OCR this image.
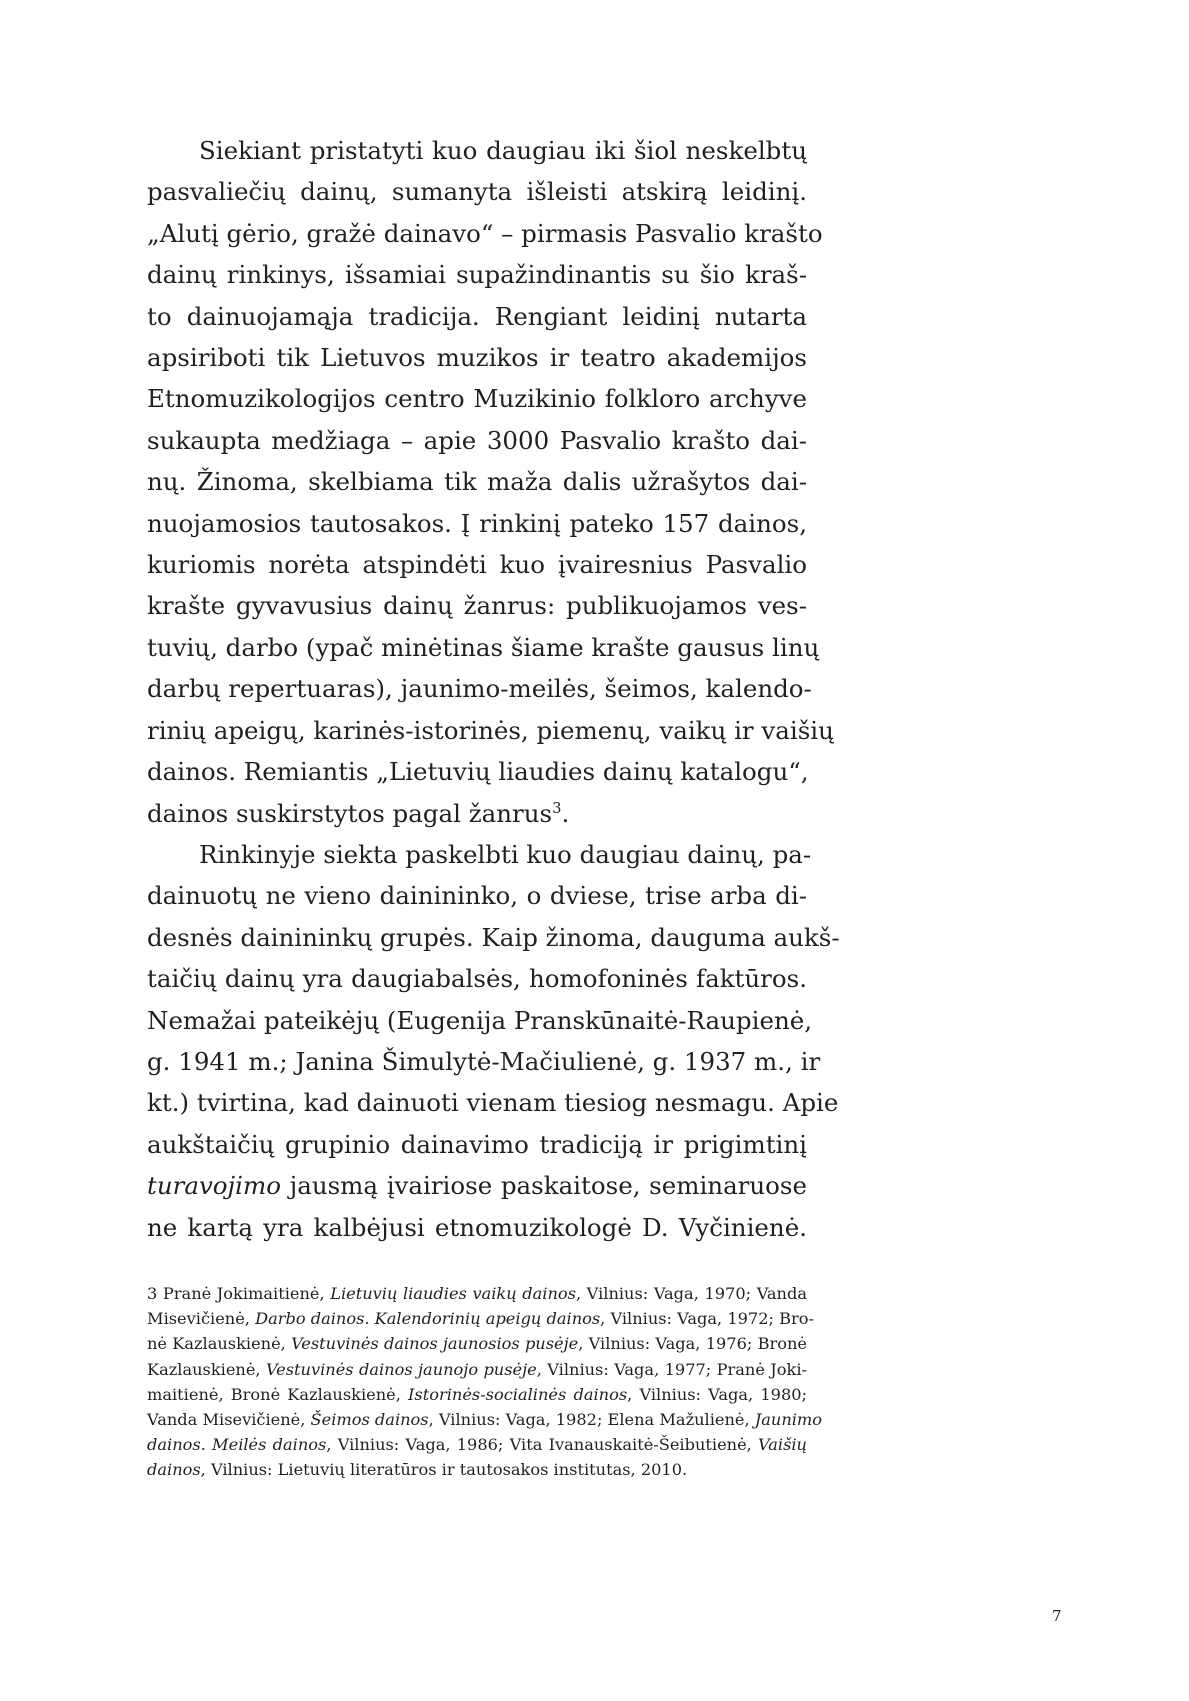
Siekiant pristatyti kuo daugiau iki šiol neskelbtų
pasvaliečių dainų, sumanyta išleisti atskirą leidinį.
„Alutį gėrio, gražė dainavo“ – pirmasis Pasvalio krašto
dainų rinkinys, išsamiai supažindinantis su šio kraš-
to dainuojamąja tradicija. Rengiant leidinį nutarta
apsiriboti tik Lietuvos muzikos ir teatro akademijos
Etnomuzikologijos centro Muzikinio folkloro archyve
sukaupta medžiaga – apie 3000 Pasvalio krašto dai-
nų. Žinoma, skelbiama tik maža dalis užrašytos dai-
nuojamosios tautosakos. Į rinkinį pateko 157 dainos,
kuriomis norėta atspindėti kuo įvairesnius Pasvalio
krašte gyvavusius dainų žanrus: publikuojamos ves-
tuvių, darbo (ypač minėtinas šiame krašte gausus linų
darbų repertuaras), jaunimo-meilės, šeimos, kalendo-
rinių apeigų, karinės-istorinės, piemenų, vaikų ir vaišių
dainos. Remiantis „Lietuvių liaudies dainų katalogu“,
dainos suskirstytos pagal žanrus$^3$.

Rinkinyje siekta paskelbti kuo daugiau dainų, pa-
dainuotų ne vieno dainininko, o dviese, trise arba di-
desnės dainininkų grupės. Kaip žinoma, dauguma aukš-
taičių dainų yra daugiabalsės, homofoninės faktūros.
Nemažai pateikėjų (Eugenija Pranskūnaitė-Raupienė,
g. 1941 m.; Janina Šimulytė-Mačiulienė, g. 1937 m., ir
kt.) tvirtina, kad dainuoti vienam tiesiog nesmagu. Apie
aukštaičių grupinio dainavimo tradiciją ir prigimtinį
turavojimo jausmą įvairiose paskaitose, seminaruose
ne kartą yra kalbėjusi etnomuzikologė D. Vyčinienė.

3 Pranė Jokimaitienė, Lietuvių liaudies vaikų dainos, Vilnius: Vaga, 1970; Vanda
Misevičienė, Darbo dainos. Kalendorinių apeigų dainos, Vilnius: Vaga, 1972; Bro-
nė Kazlauskienė, Vestuvinės dainos jaunosios pusėje, Vilnius: Vaga, 1976; Bronė
Kazlauskienė, Vestuvinės dainos jaunojo pusėje, Vilnius: Vaga, 1977; Pranė Joki-
maitienė, Bronė Kazlauskienė, Istorinės-socialinės dainos, Vilnius: Vaga, 1980;
Vanda Misevičienė, Šeimos dainos, Vilnius: Vaga, 1982; Elena Mažulienė, Jaunimo
dainos. Meilės dainos, Vilnius: Vaga, 1986; Vita Ivanauskaitė-Šeibutienė, Vaišių
dainos, Vilnius: Lietuvių literatūros ir tautosakos institutas, 2010.
7
